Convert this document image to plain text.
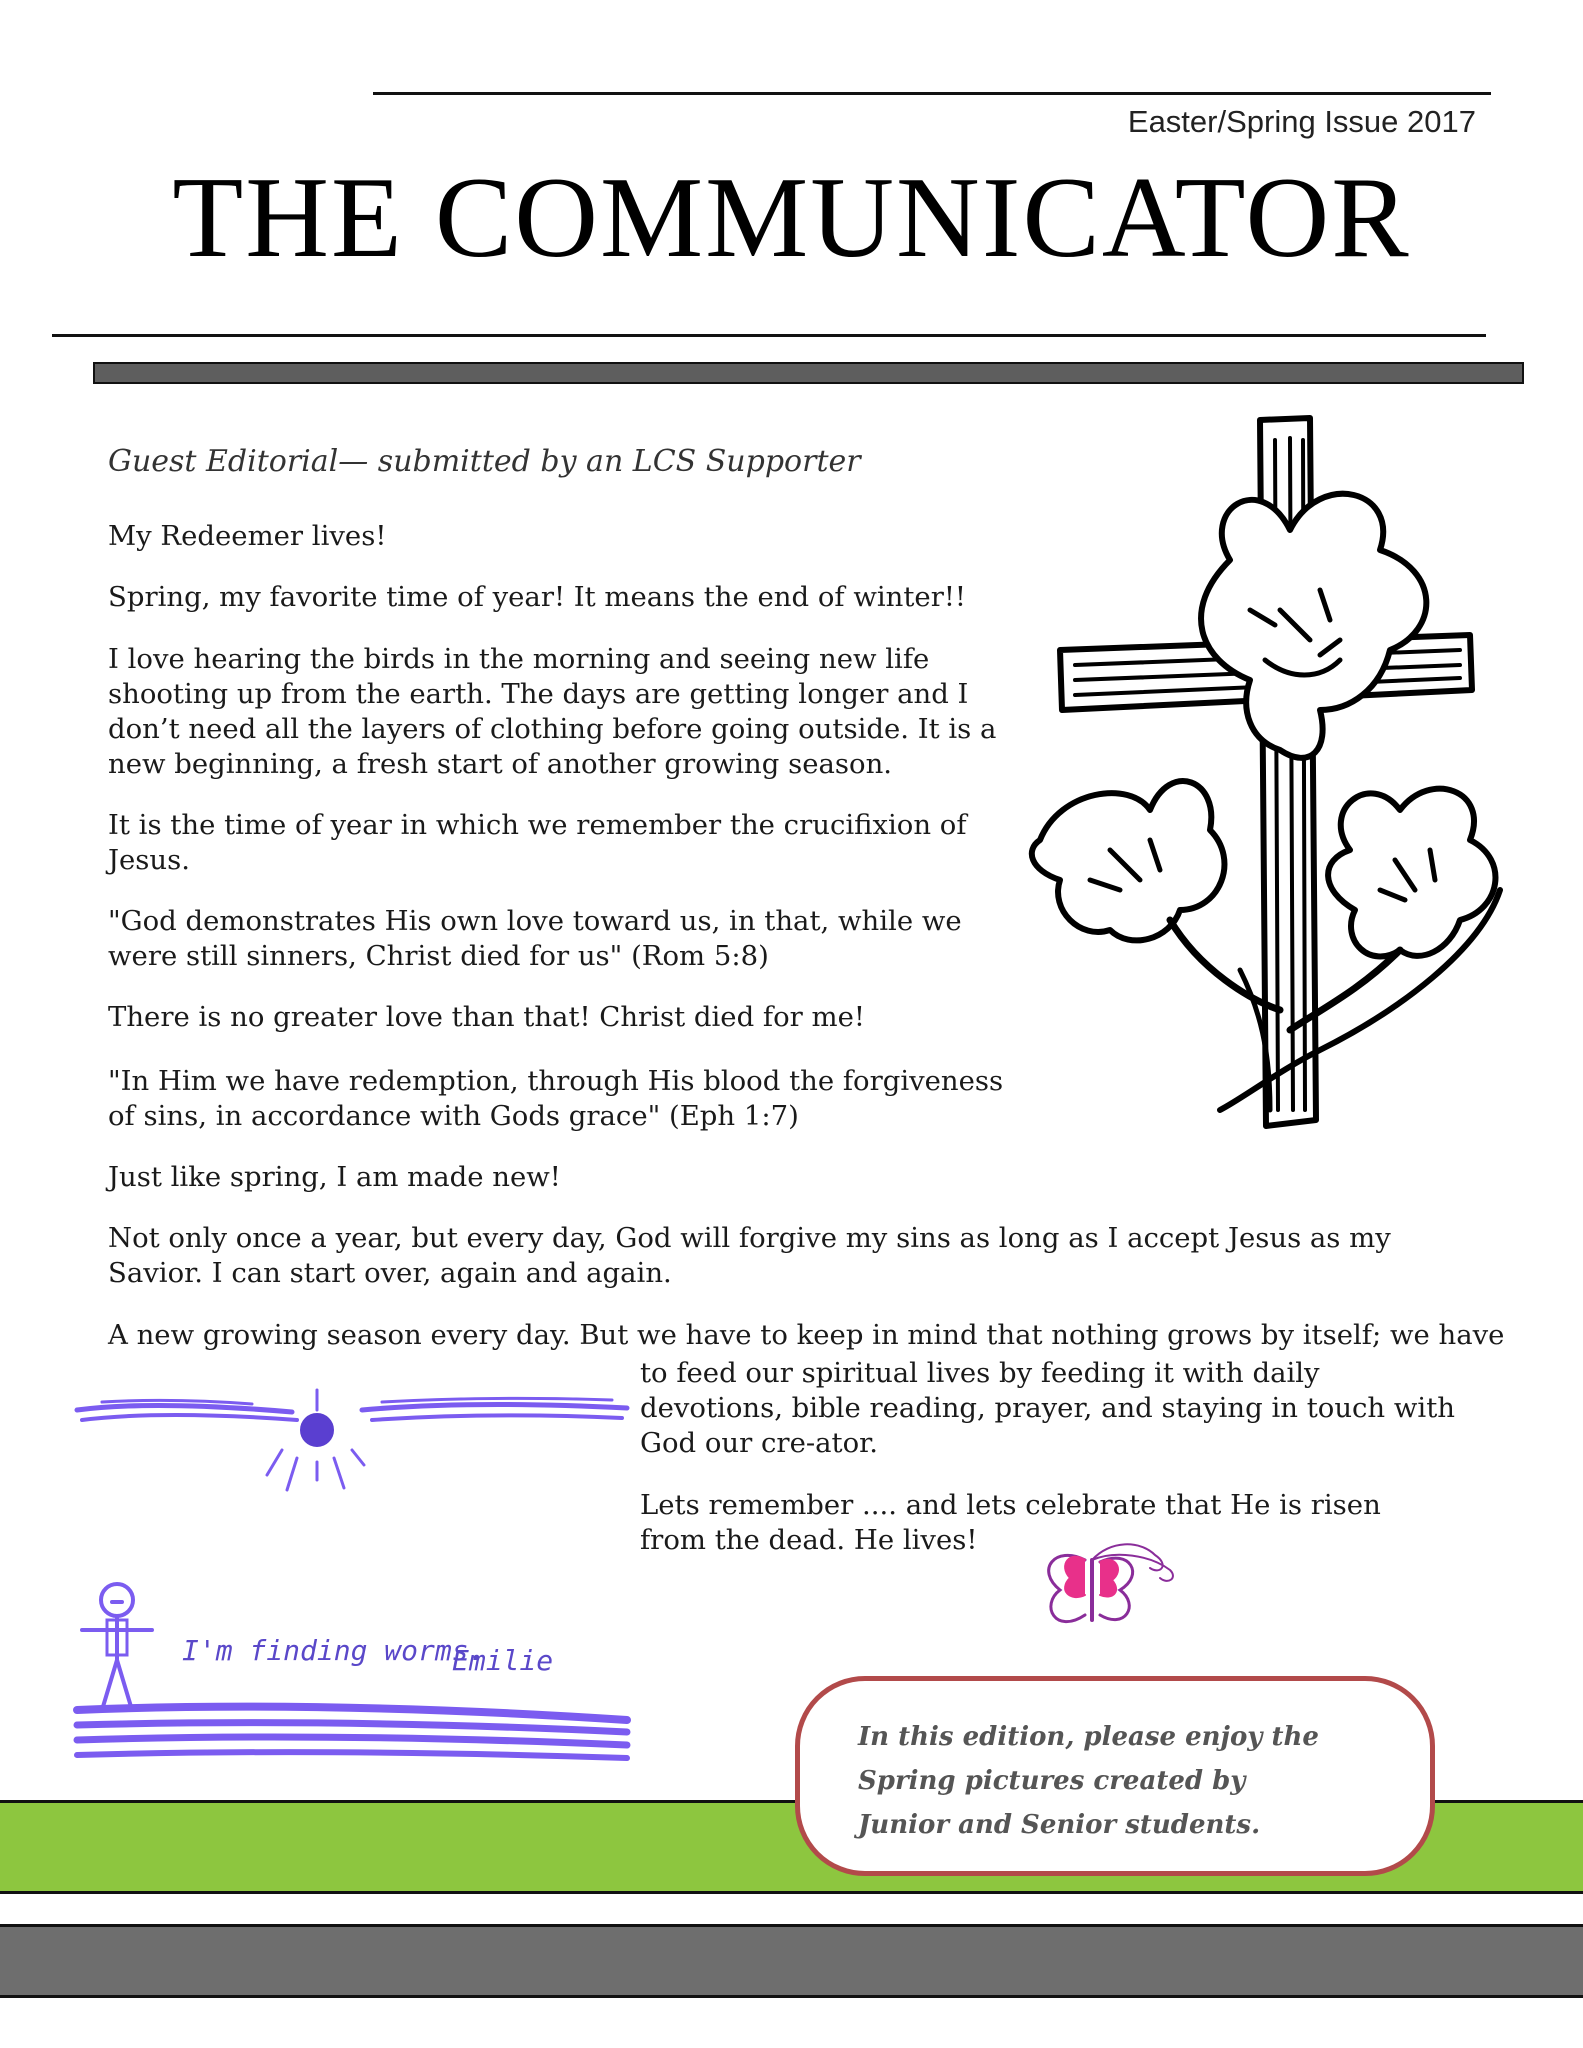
Easter/Spring Issue 2017
THE COMMUNICATOR
Guest Editorial— submitted by an LCS Supporter

My Redeemer lives!

Spring, my favorite time of year! It means the end of winter!!

I love hearing the birds in the morning and seeing new life shooting up from the earth. The days are getting longer and I don’t need all the layers of clothing before going outside. It is a new beginning, a fresh start of another growing season.

It is the time of year in which we remember the crucifixion of Jesus.

"God demonstrates His own love toward us, in that, while we were still sinners, Christ died for us" (Rom 5:8)

There is no greater love than that! Christ died for me!

"In Him we have redemption, through His blood the forgiveness of sins, in accordance with Gods grace" (Eph 1:7)

Just like spring, I am made new!

Not only once a year, but every day, God will forgive my sins as long as I accept Jesus as my Savior. I can start over, again and again.

A new growing season every day. But we have to keep in mind that nothing grows by itself; we have

to feed our spiritual lives by feeding it with daily devotions, bible reading, prayer, and staying in touch with God our cre-ator.

Lets remember .... and lets celebrate that He is risen from the dead. He lives!

I'm finding worms.
Emilie
In this edition, please enjoy the
Spring pictures created by
Junior and Senior students.
